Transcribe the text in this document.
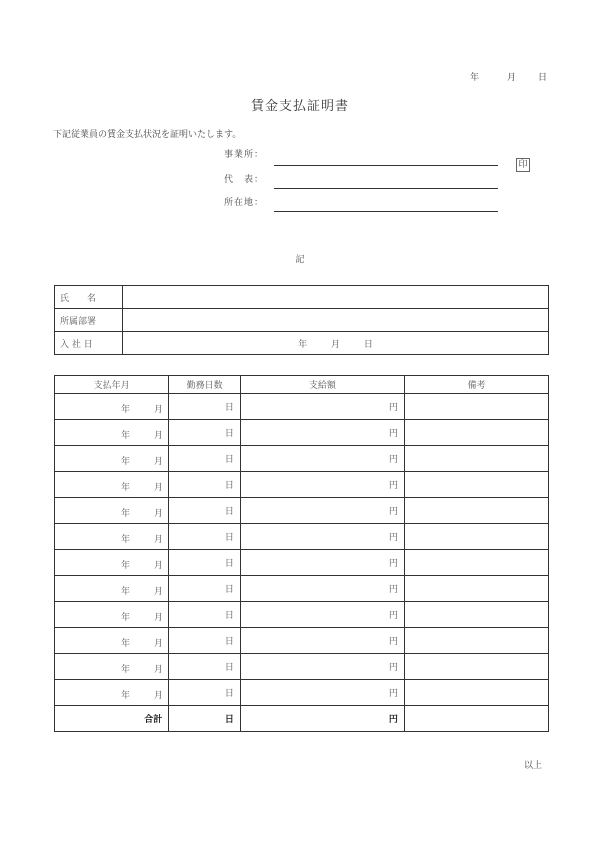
年	月 日
賃金支払証明書
下記従業員の賃金支払状況を証明いたします。
事業所：
代　表：
所在地：
印
記
氏　　名	
所属部署	
入 社 日	年 月 日
支払年月	勤務日数	支給額	備考

年 月	日	円	

年 月	日	円	

年 月	日	円	

年 月	日	円	

年 月	日	円	

年 月	日	円	

年 月	日	円	

年 月	日	円	

年 月	日	円	

年 月	日	円	

年 月	日	円	

年 月	日	円	
合計	日	円	
以上
